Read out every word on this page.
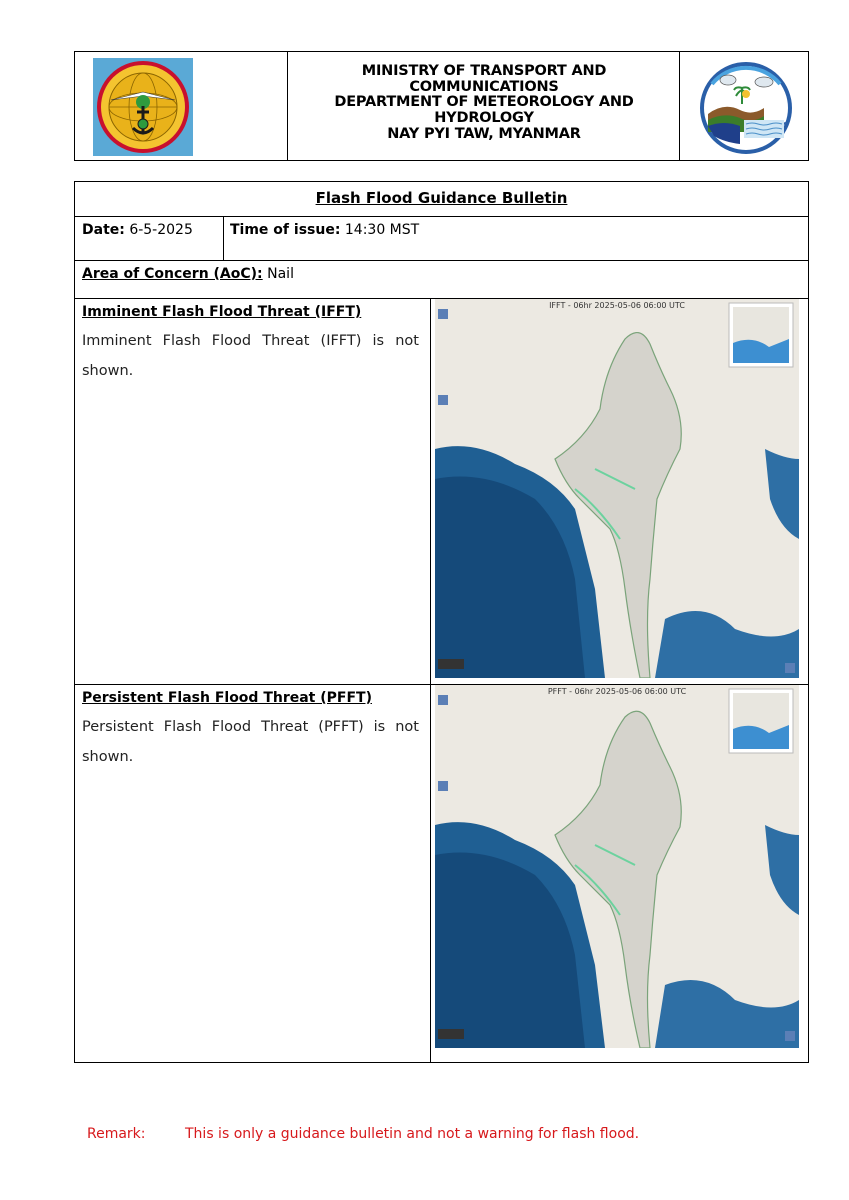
MINISTRY OF TRANSPORT AND COMMUNICATIONS
DEPARTMENT OF METEOROLOGY AND HYDROLOGY
NAY PYI TAW, MYANMAR
Flash Flood Guidance Bulletin
Date: 6-5-2025	Time of issue: 14:30 MST
Area of Concern (AoC): Nail
Imminent Flash Flood Threat (IFFT)
Imminent Flash Flood Threat (IFFT) is not shown.
IFFT - 06hr 2025-05-06 06:00 UTC
Persistent Flash Flood Threat (PFFT)
Persistent Flash Flood Threat (PFFT) is not shown.
PFFT - 06hr 2025-05-06 06:00 UTC
Remark:	This is only a guidance bulletin and not a warning for flash flood.
